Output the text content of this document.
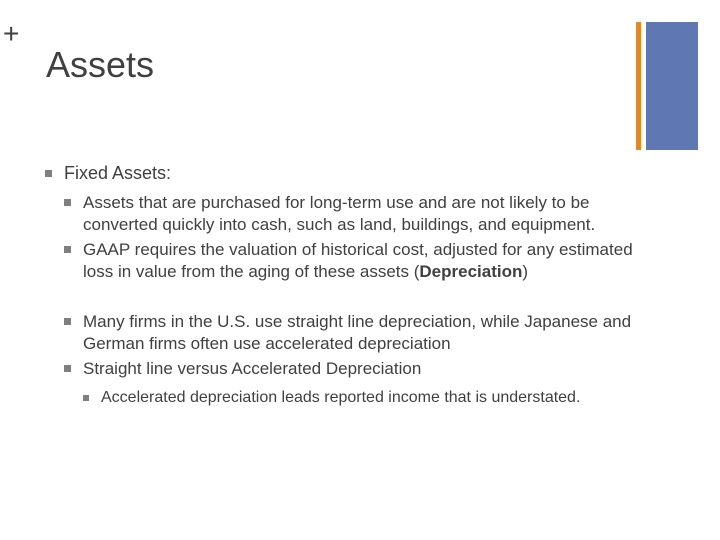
+
Assets
Fixed Assets:
Assets that are purchased for long-term use and are not likely to be converted quickly into cash, such as land, buildings, and equipment.
GAAP requires the valuation of historical cost, adjusted for any estimated loss in value from the aging of these assets (Depreciation)
Many firms in the U.S. use straight line depreciation, while Japanese and German firms often use accelerated depreciation
Straight line versus Accelerated Depreciation
Accelerated depreciation leads reported income that is understated.
